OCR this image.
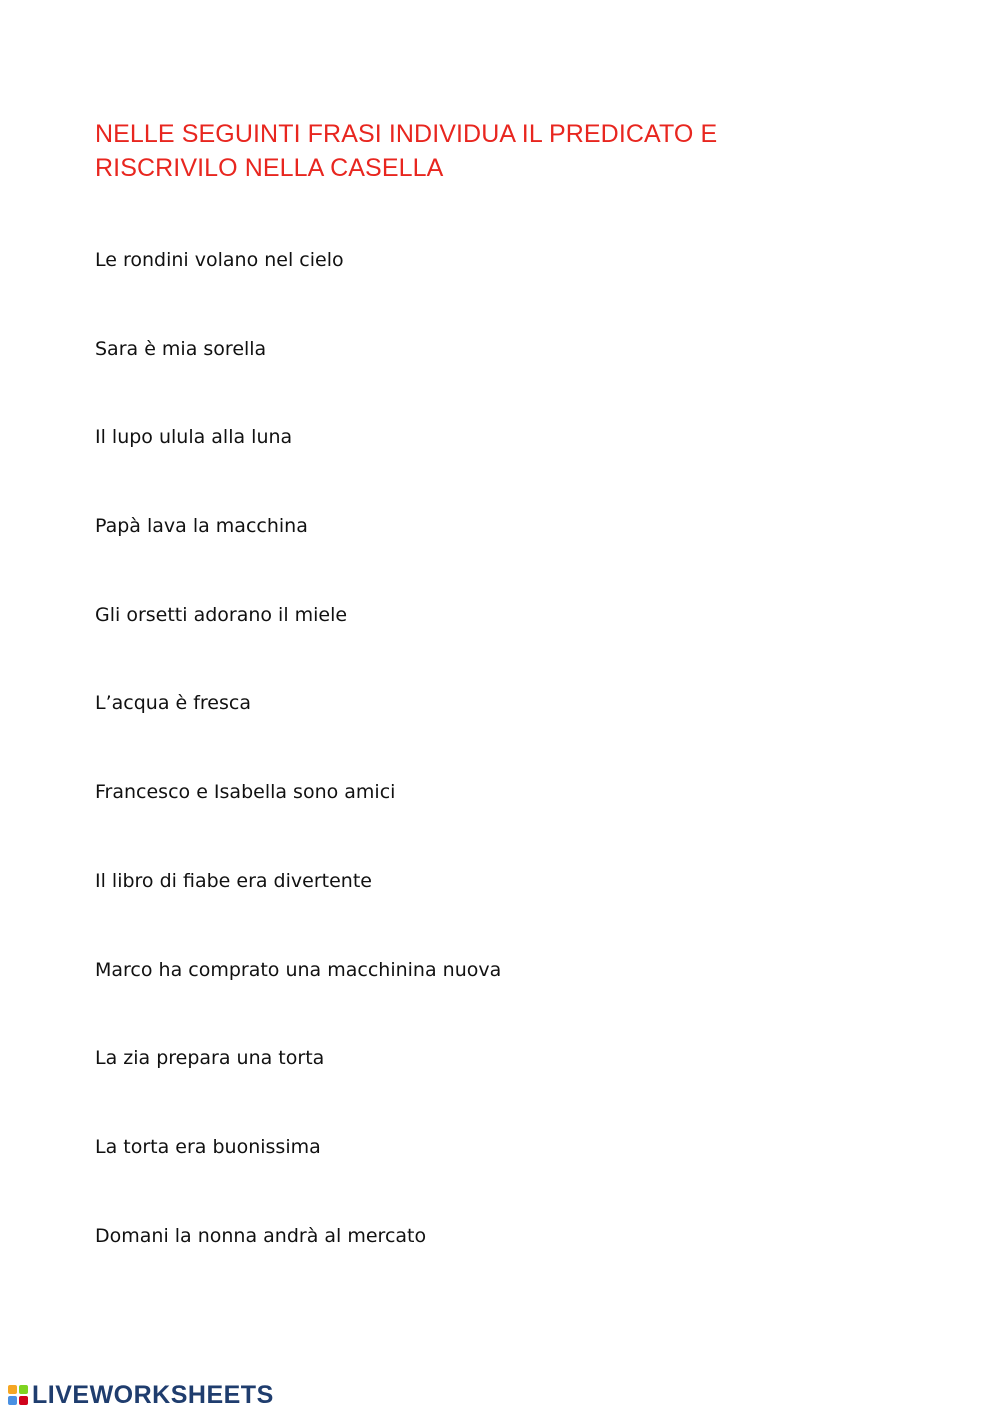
NELLE SEGUINTI FRASI INDIVIDUA IL PREDICATO E
RISCRIVILO NELLA CASELLA
Le rondini volano nel cielo
Sara è mia sorella
Il lupo ulula alla luna
Papà lava la macchina
Gli orsetti adorano il miele
L’acqua è fresca
Francesco e Isabella sono amici
Il libro di fiabe era divertente
Marco ha comprato una macchinina nuova
La zia prepara una torta
La torta era buonissima
Domani la nonna andrà al mercato
LIVEWORKSHEETS
